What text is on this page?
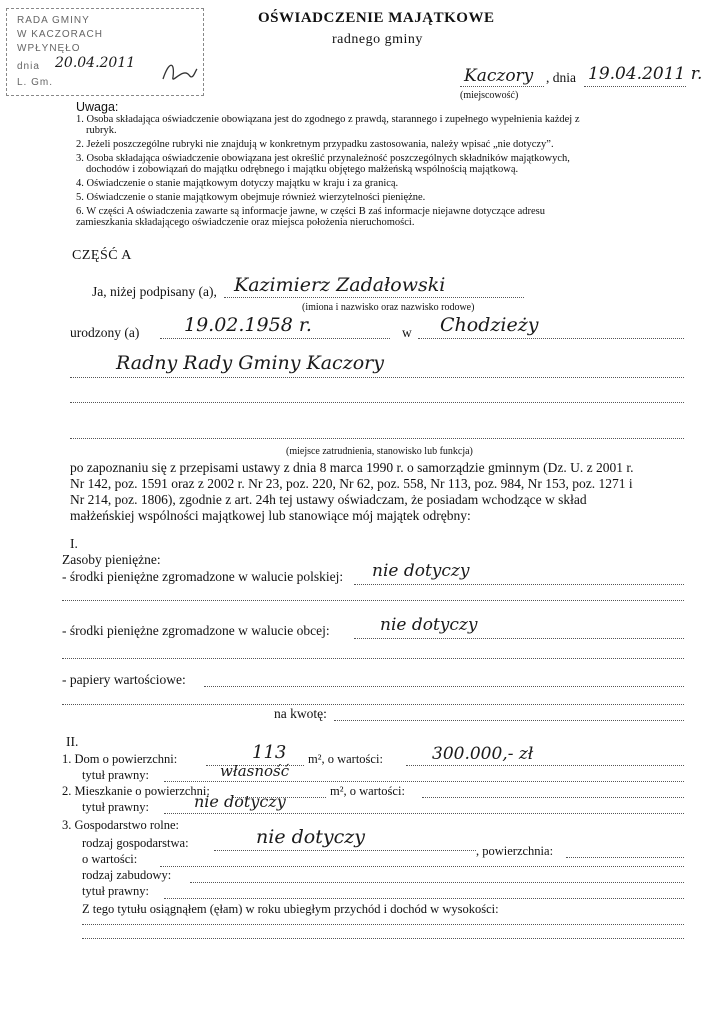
RADA GMINY
W KACZORACH
WPŁYNĘŁO
dnia 20.04.2011
L. Gm.
OŚWIADCZENIE MAJĄTKOWE
radnego gminy
Kaczory , dnia 19.04.2011 r.
(miejscowość)
Uwaga:
1. Osoba składająca oświadczenie obowiązana jest do zgodnego z prawdą, starannego i zupełnego wypełnienia każdej z
rubryk.
2. Jeżeli poszczególne rubryki nie znajdują w konkretnym przypadku zastosowania, należy wpisać „nie dotyczy”.
3. Osoba składająca oświadczenie obowiązana jest określić przynależność poszczególnych składników majątkowych,
dochodów i zobowiązań do majątku odrębnego i majątku objętego małżeńską wspólnością majątkową.
4. Oświadczenie o stanie majątkowym dotyczy majątku w kraju i za granicą.
5. Oświadczenie o stanie majątkowym obejmuje również wierzytelności pieniężne.
6. W części A oświadczenia zawarte są informacje jawne, w części B zaś informacje niejawne dotyczące adresu
zamieszkania składającego oświadczenie oraz miejsca położenia nieruchomości.
CZĘŚĆ A
Ja, niżej podpisany (a), Kazimierz Zadałowski
(imiona i nazwisko oraz nazwisko rodowe)
urodzony (a) 19.02.1958 r.	w Chodzieży
Radny Rady Gminy Kaczory
(miejsce zatrudnienia, stanowisko lub funkcja)
po zapoznaniu się z przepisami ustawy z dnia 8 marca 1990 r. o samorządzie gminnym (Dz. U. z 2001 r.
Nr 142, poz. 1591 oraz z 2002 r. Nr 23, poz. 220, Nr 62, poz. 558, Nr 113, poz. 984, Nr 153, poz. 1271 i
Nr 214, poz. 1806), zgodnie z art. 24h tej ustawy oświadczam, że posiadam wchodzące w skład
małżeńskiej wspólności majątkowej lub stanowiące mój majątek odrębny:
I.
Zasoby pieniężne:
- środki pieniężne zgromadzone w walucie polskiej: nie dotyczy
- środki pieniężne zgromadzone w walucie obcej:	nie dotyczy
- papiery wartościowe:
na kwotę:
II.
1. Dom o powierzchni:	113 m², o wartości:	300.000,- zł
tytuł prawny:	własność
2. Mieszkanie o powierzchni:	m², o wartości:
tytuł prawny:	nie dotyczy
3. Gospodarstwo rolne:
rodzaj gospodarstwa:	nie dotyczy
, powierzchnia:
o wartości:
rodzaj zabudowy:
tytuł prawny:
Z tego tytułu osiągnąłem (ęłam) w roku ubiegłym przychód i dochód w wysokości:
